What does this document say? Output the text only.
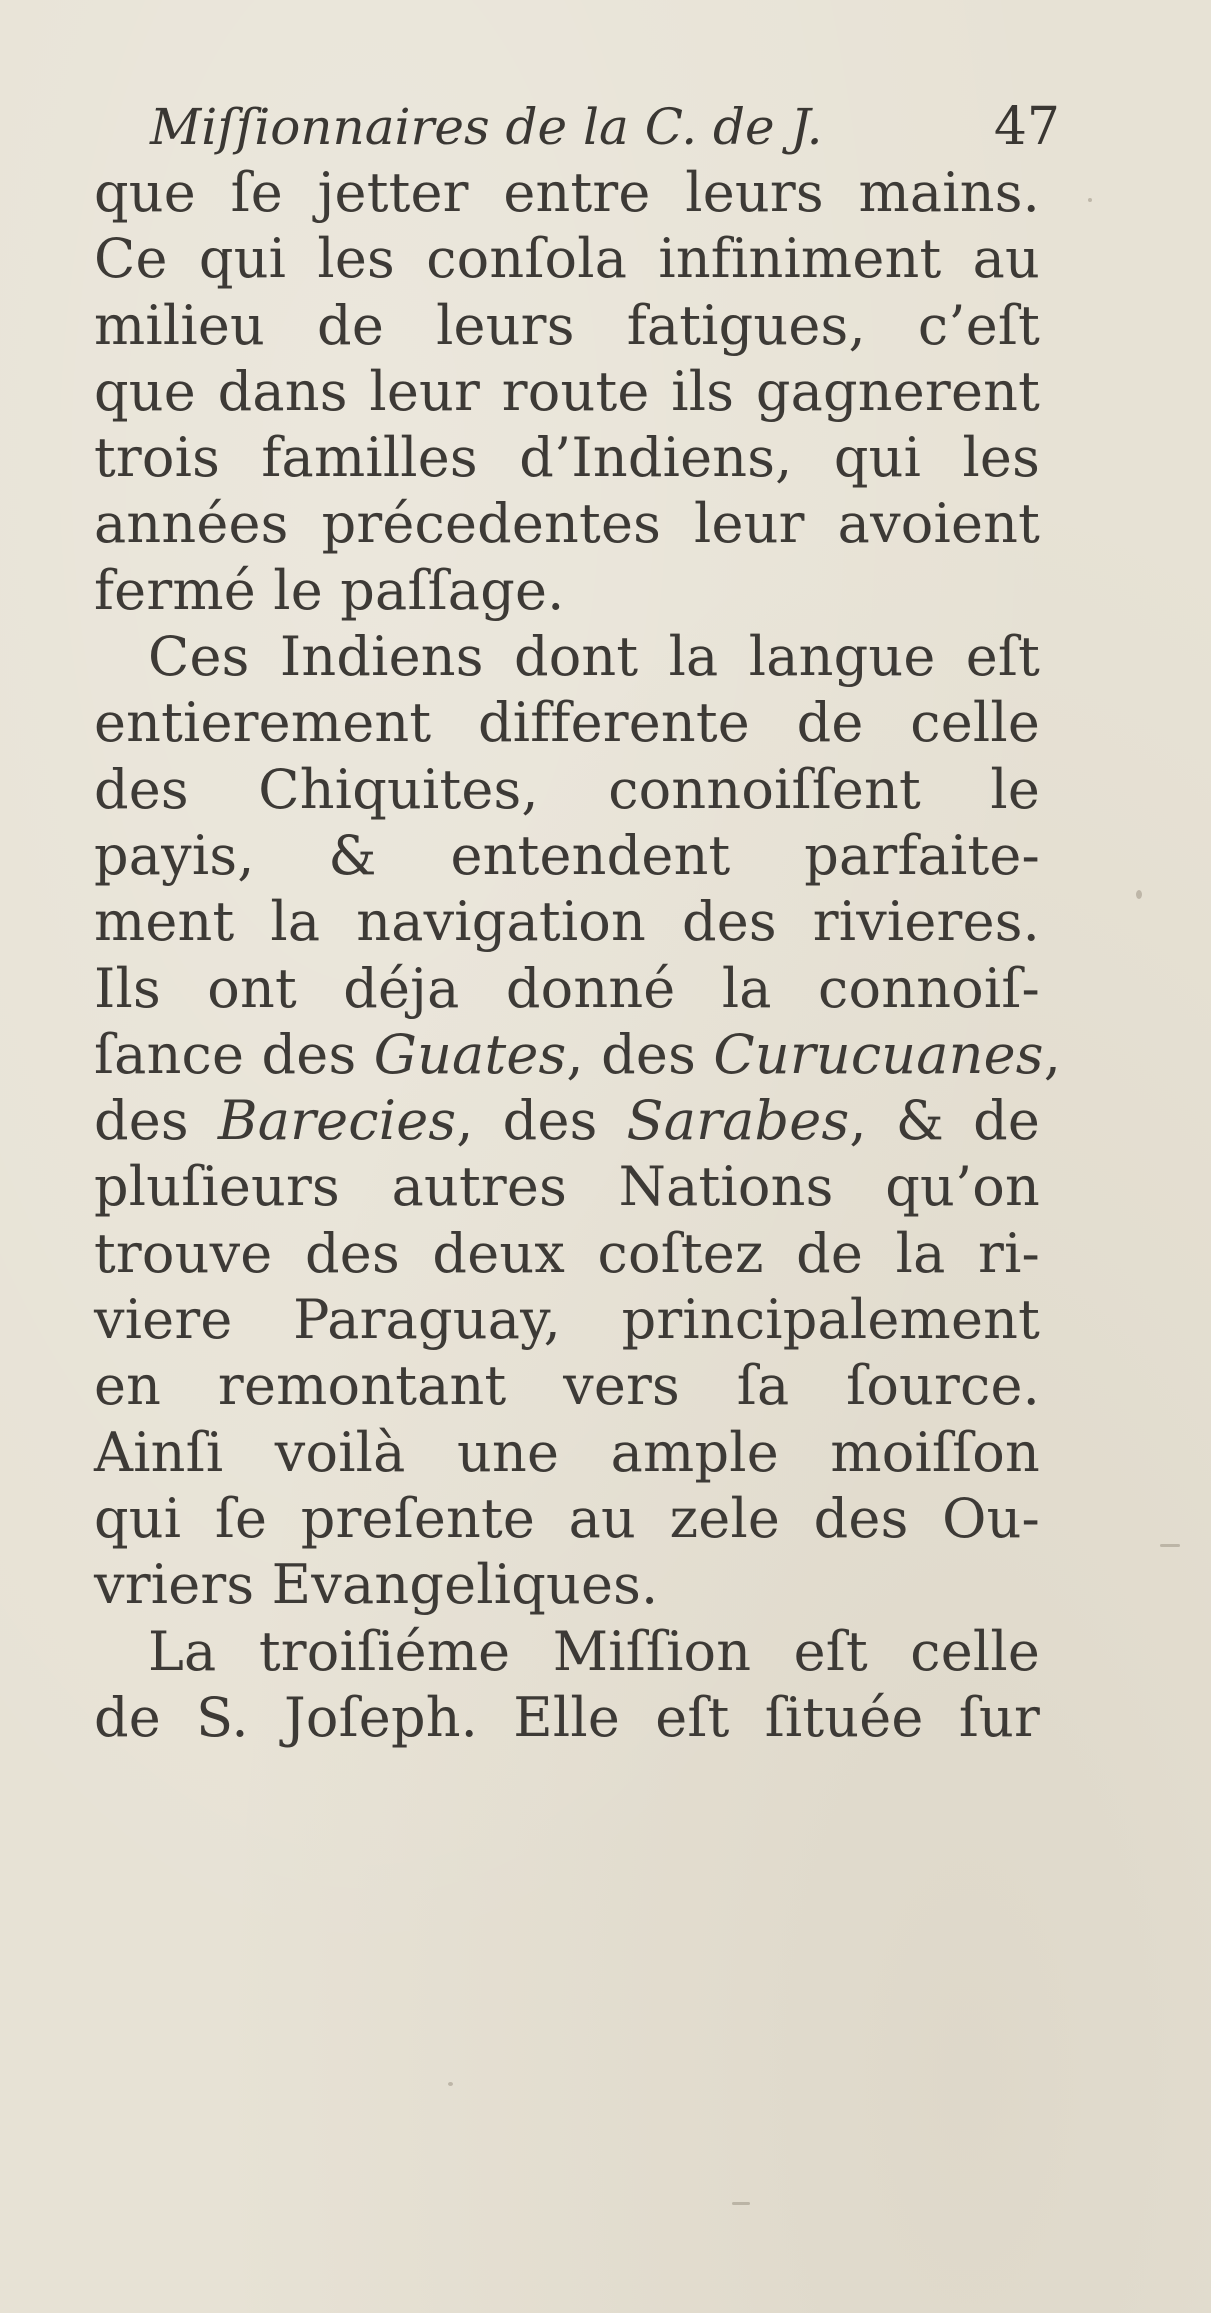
Miſſionnaires de la C. de J.	47
que ſe jetter entre leurs mains.
Ce qui les conſola infiniment au
milieu de leurs fatigues, c’eſt
que dans leur route ils gagnerent
trois familles d’Indiens, qui les
années précedentes leur avoient
fermé le paſſage.
Ces Indiens dont la langue eſt
entierement differente de celle
des Chiquites, connoiſſent le
payis, & entendent parfaite-
ment la navigation des rivieres.
Ils ont déja donné la connoiſ-
ſance des Guates, des Curucuanes,
des Barecies, des Sarabes, & de
pluſieurs autres Nations qu’on
trouve des deux coſtez de la ri-
viere Paraguay, principalement
en remontant vers ſa ſource.
Ainſi voilà une ample moiſſon
qui ſe preſente au zele des Ou-
vriers Evangeliques.
La troiſiéme Miſſion eſt celle
de S. Joſeph. Elle eſt ſituée ſur
